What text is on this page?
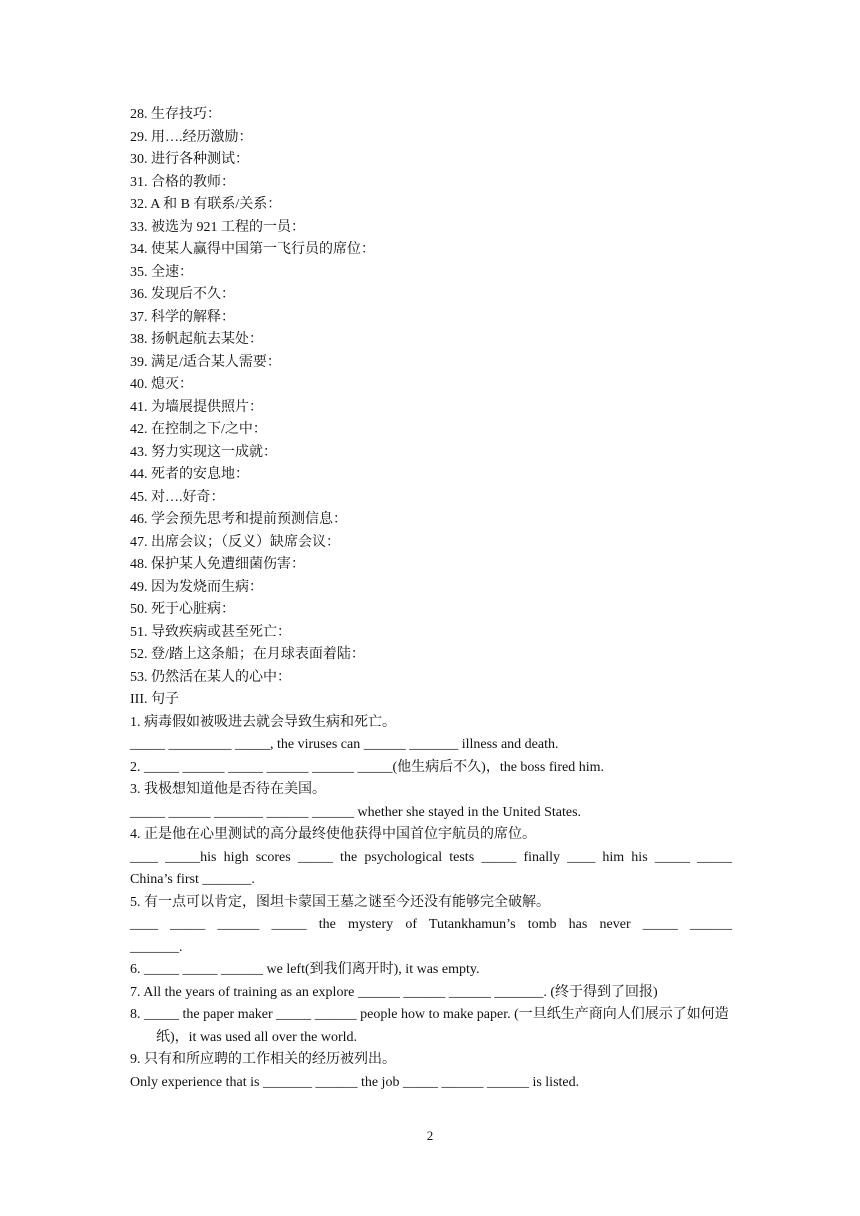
28. 生存技巧：
29. 用….经历激励：
30. 进行各种测试：
31. 合格的教师：
32. A 和 B 有联系/关系：
33. 被选为 921 工程的一员：
34. 使某人赢得中国第一飞行员的席位：
35. 全速：
36. 发现后不久：
37. 科学的解释：
38. 扬帆起航去某处：
39. 满足/适合某人需要：
40. 熄灭：
41. 为墙展提供照片：
42. 在控制之下/之中：
43. 努力实现这一成就：
44. 死者的安息地：
45. 对….好奇：
46. 学会预先思考和提前预测信息：
47. 出席会议；（反义）缺席会议：
48. 保护某人免遭细菌伤害：
49. 因为发烧而生病：
50. 死于心脏病：
51. 导致疾病或甚至死亡：
52. 登/踏上这条船；在月球表面着陆：
53. 仍然活在某人的心中：
III. 句子
1. 病毒假如被吸进去就会导致生病和死亡。
_____ _________ _____, the viruses can ______ _______ illness and death.
2. _____ ______ _____ ______ ______ _____(他生病后不久)，the boss fired him.
3. 我极想知道他是否待在美国。
_____ ______ _______ ______ ______ whether she stayed in the United States.
4. 正是他在心里测试的高分最终使他获得中国首位宇航员的席位。
____ _____his high scores _____ the psychological tests _____ finally ____ him his _____ _____
China’s first _______.
5. 有一点可以肯定，图坦卡蒙国王墓之谜至今还没有能够完全破解。
____ _____ ______ _____ the mystery of Tutankhamun’s tomb has never _____ ______
_______.
6. _____ _____ ______ we left(到我们离开时), it was empty.
7. All the years of training as an explore ______ ______ ______ _______. (终于得到了回报)
8. _____ the paper maker _____ ______ people how to make paper. (一旦纸生产商向人们展示了如何造纸)，it was used all over the world.
9. 只有和所应聘的工作相关的经历被列出。
Only experience that is _______ ______ the job _____ ______ ______ is listed.
2
